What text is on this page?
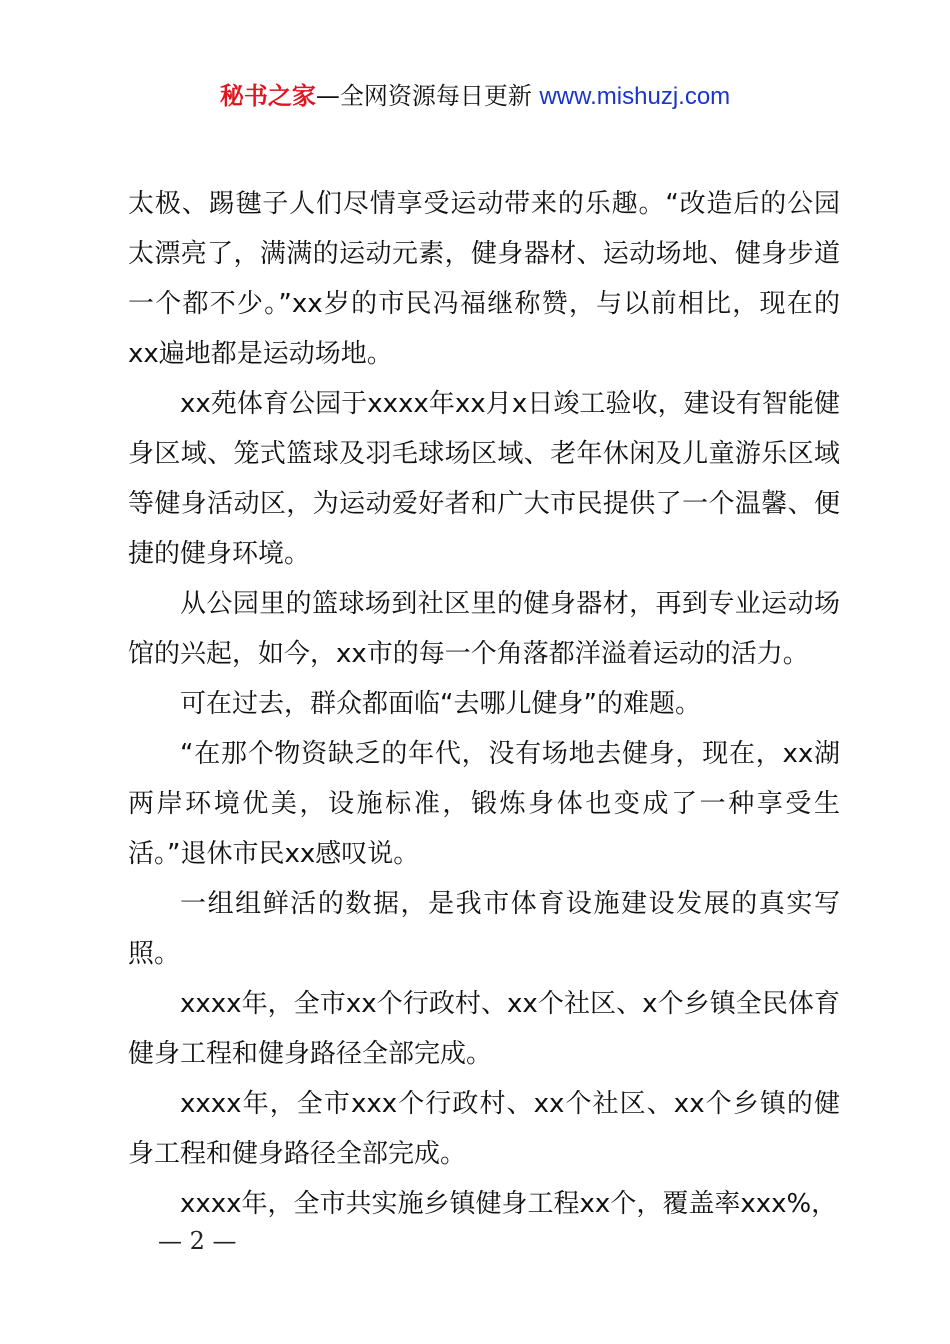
秘书之家—全网资源每日更新 www.mishuzj.com

太极、踢毽子人们尽情享受运动带来的乐趣。“改造后的公园太漂亮了，满满的运动元素，健身器材、运动场地、健身步道一个都不少。”xx岁的市民冯福继称赞，与以前相比，现在的xx遍地都是运动场地。

xx苑体育公园于xxxx年xx月x日竣工验收，建设有智能健身区域、笼式篮球及羽毛球场区域、老年休闲及儿童游乐区域等健身活动区，为运动爱好者和广大市民提供了一个温馨、便捷的健身环境。

从公园里的篮球场到社区里的健身器材，再到专业运动场馆的兴起，如今，xx市的每一个角落都洋溢着运动的活力。

可在过去，群众都面临“去哪儿健身”的难题。

“在那个物资缺乏的年代，没有场地去健身，现在，xx湖两岸环境优美，设施标准，锻炼身体也变成了一种享受生活。”退休市民xx感叹说。

一组组鲜活的数据，是我市体育设施建设发展的真实写照。

xxxx年，全市xx个行政村、xx个社区、x个乡镇全民体育健身工程和健身路径全部完成。

xxxx年，全市xxx个行政村、xx个社区、xx个乡镇的健身工程和健身路径全部完成。

xxxx年，全市共实施乡镇健身工程xx个，覆盖率xxx%，

— 2 —
